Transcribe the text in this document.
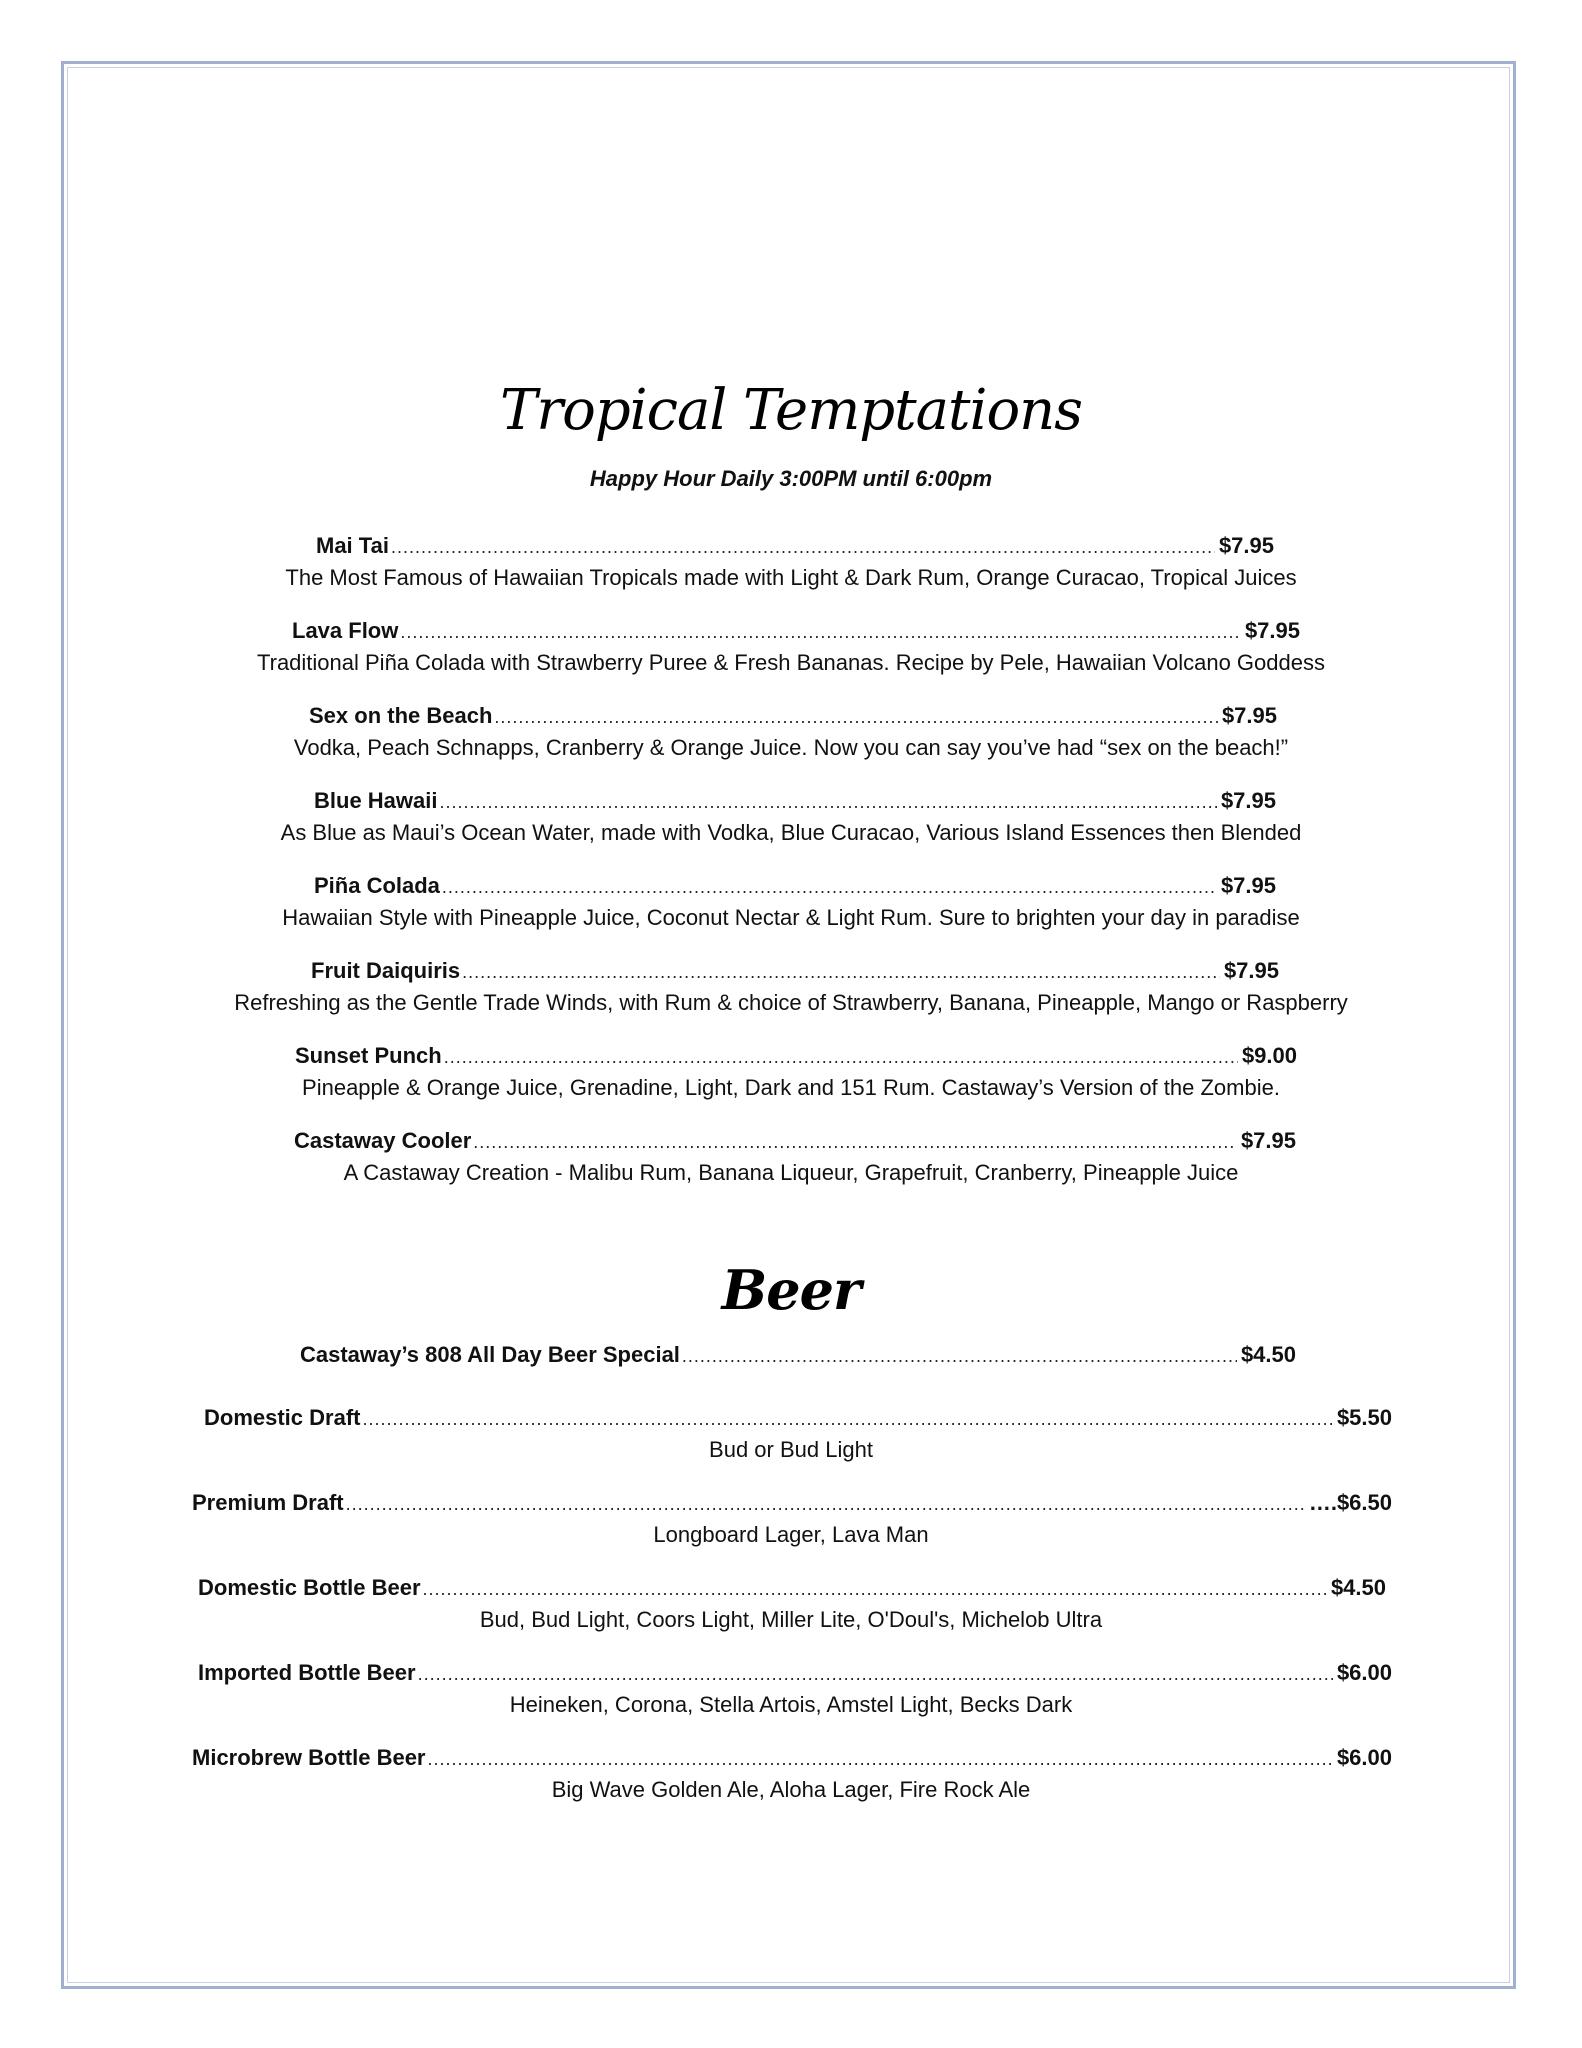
Tropical Temptations
Happy Hour Daily 3:00PM until 6:00pm
Mai Tai .....	$7.95
The Most Famous of Hawaiian Tropicals made with Light & Dark Rum, Orange Curacao, Tropical Juices
Lava Flow .....	$7.95
Traditional Piña Colada with Strawberry Puree & Fresh Bananas. Recipe by Pele, Hawaiian Volcano Goddess
Sex on the Beach .....	$7.95
Vodka, Peach Schnapps, Cranberry & Orange Juice. Now you can say you’ve had “sex on the beach!”
Blue Hawaii .....	$7.95
As Blue as Maui’s Ocean Water, made with Vodka, Blue Curacao, Various Island Essences then Blended
Piña Colada .....	$7.95
Hawaiian Style with Pineapple Juice, Coconut Nectar & Light Rum. Sure to brighten your day in paradise
Fruit Daiquiris .....	$7.95
Refreshing as the Gentle Trade Winds, with Rum & choice of Strawberry, Banana, Pineapple, Mango or Raspberry
Sunset Punch .....	$9.00
Pineapple & Orange Juice, Grenadine, Light, Dark and 151 Rum. Castaway’s Version of the Zombie.
Castaway Cooler .....	$7.95
A Castaway Creation - Malibu Rum, Banana Liqueur, Grapefruit, Cranberry, Pineapple Juice
Beer
Castaway’s 808 All Day Beer Special .....	$4.50
Domestic Draft .....	$5.50
Bud or Bud Light
Premium Draft .....	….$6.50
Longboard Lager, Lava Man
Domestic Bottle Beer .....	$4.50
Bud, Bud Light, Coors Light, Miller Lite, O'Doul's, Michelob Ultra
Imported Bottle Beer .....	$6.00
Heineken, Corona, Stella Artois, Amstel Light, Becks Dark
Microbrew Bottle Beer .....	$6.00
Big Wave Golden Ale, Aloha Lager, Fire Rock Ale
